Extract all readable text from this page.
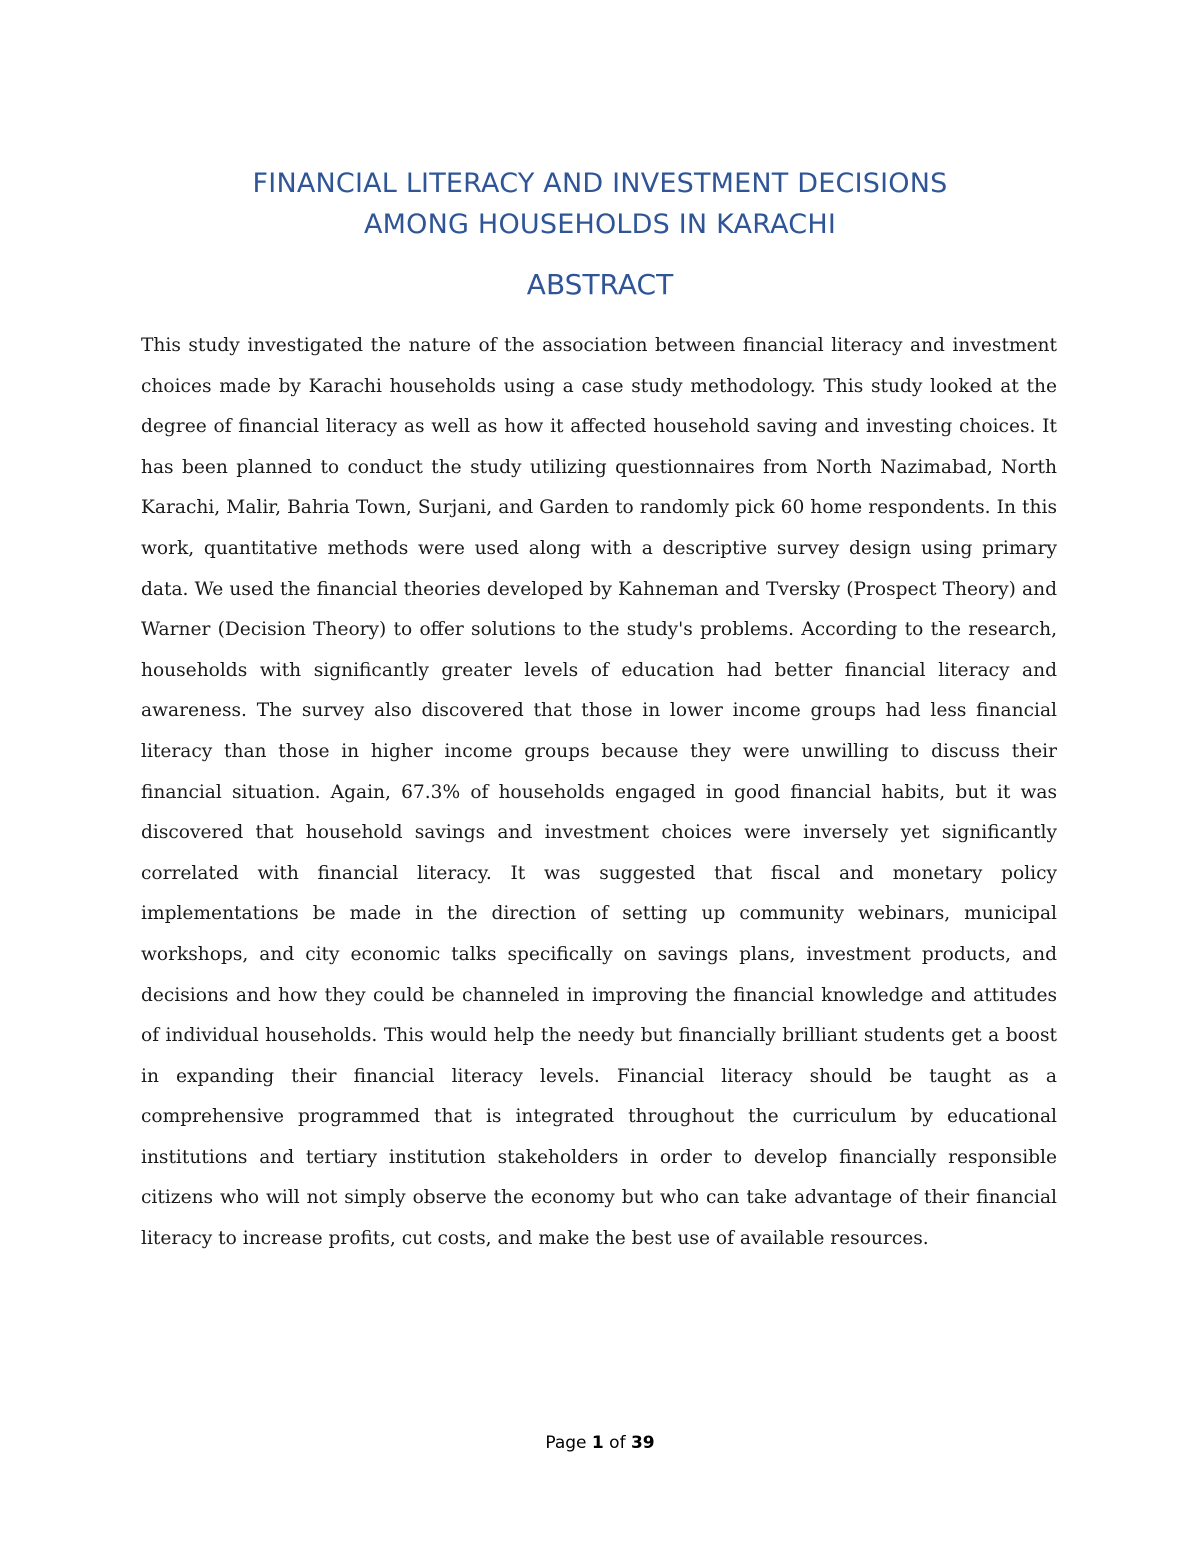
FINANCIAL LITERACY AND INVESTMENT DECISIONS
AMONG HOUSEHOLDS IN KARACHI
ABSTRACT

This study investigated the nature of the association between financial literacy and investment choices made by Karachi households using a case study methodology. This study looked at the degree of financial literacy as well as how it affected household saving and investing choices. It has been planned to conduct the study utilizing questionnaires from North Nazimabad, North Karachi, Malir, Bahria Town, Surjani, and Garden to randomly pick 60 home respondents. In this work, quantitative methods were used along with a descriptive survey design using primary data. We used the financial theories developed by Kahneman and Tversky (Prospect Theory) and Warner (Decision Theory) to offer solutions to the study's problems. According to the research, households with significantly greater levels of education had better financial literacy and awareness. The survey also discovered that those in lower income groups had less financial literacy than those in higher income groups because they were unwilling to discuss their financial situation. Again, 67.3% of households engaged in good financial habits, but it was discovered that household savings and investment choices were inversely yet significantly correlated with financial literacy. It was suggested that fiscal and monetary policy implementations be made in the direction of setting up community webinars, municipal workshops, and city economic talks specifically on savings plans, investment products, and decisions and how they could be channeled in improving the financial knowledge and attitudes of individual households. This would help the needy but financially brilliant students get a boost in expanding their financial literacy levels. Financial literacy should be taught as a comprehensive programmed that is integrated throughout the curriculum by educational institutions and tertiary institution stakeholders in order to develop financially responsible citizens who will not simply observe the economy but who can take advantage of their financial literacy to increase profits, cut costs, and make the best use of available resources.

Page 1 of 39
